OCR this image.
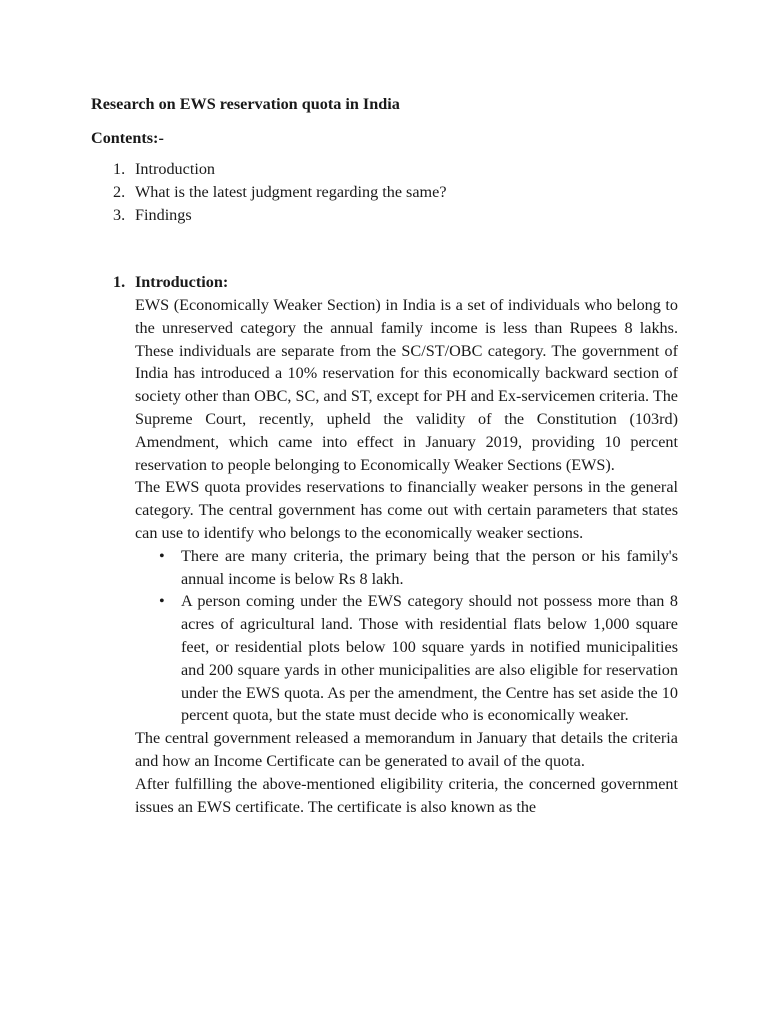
Research on EWS reservation quota in India
Contents:-
1. Introduction
2. What is the latest judgment regarding the same?
3. Findings
1. Introduction:

EWS (Economically Weaker Section) in India is a set of individuals who belong to the unreserved category the annual family income is less than Rupees 8 lakhs. These individuals are separate from the SC/ST/OBC category. The government of India has introduced a 10% reservation for this economically backward section of society other than OBC, SC, and ST, except for PH and Ex-servicemen criteria. The Supreme Court, recently, upheld the validity of the Constitution (103rd) Amendment, which came into effect in January 2019, providing 10 percent reservation to people belonging to Economically Weaker Sections (EWS).

The EWS quota provides reservations to financially weaker persons in the general category. The central government has come out with certain parameters that states can use to identify who belongs to the economically weaker sections.

• There are many criteria, the primary being that the person or his family's annual income is below Rs 8 lakh.
• A person coming under the EWS category should not possess more than 8 acres of agricultural land. Those with residential flats below 1,000 square feet, or residential plots below 100 square yards in notified municipalities and 200 square yards in other municipalities are also eligible for reservation under the EWS quota. As per the amendment, the Centre has set aside the 10 percent quota, but the state must decide who is economically weaker.

The central government released a memorandum in January that details the criteria and how an Income Certificate can be generated to avail of the quota.

After fulfilling the above-mentioned eligibility criteria, the concerned government issues an EWS certificate. The certificate is also known as the
